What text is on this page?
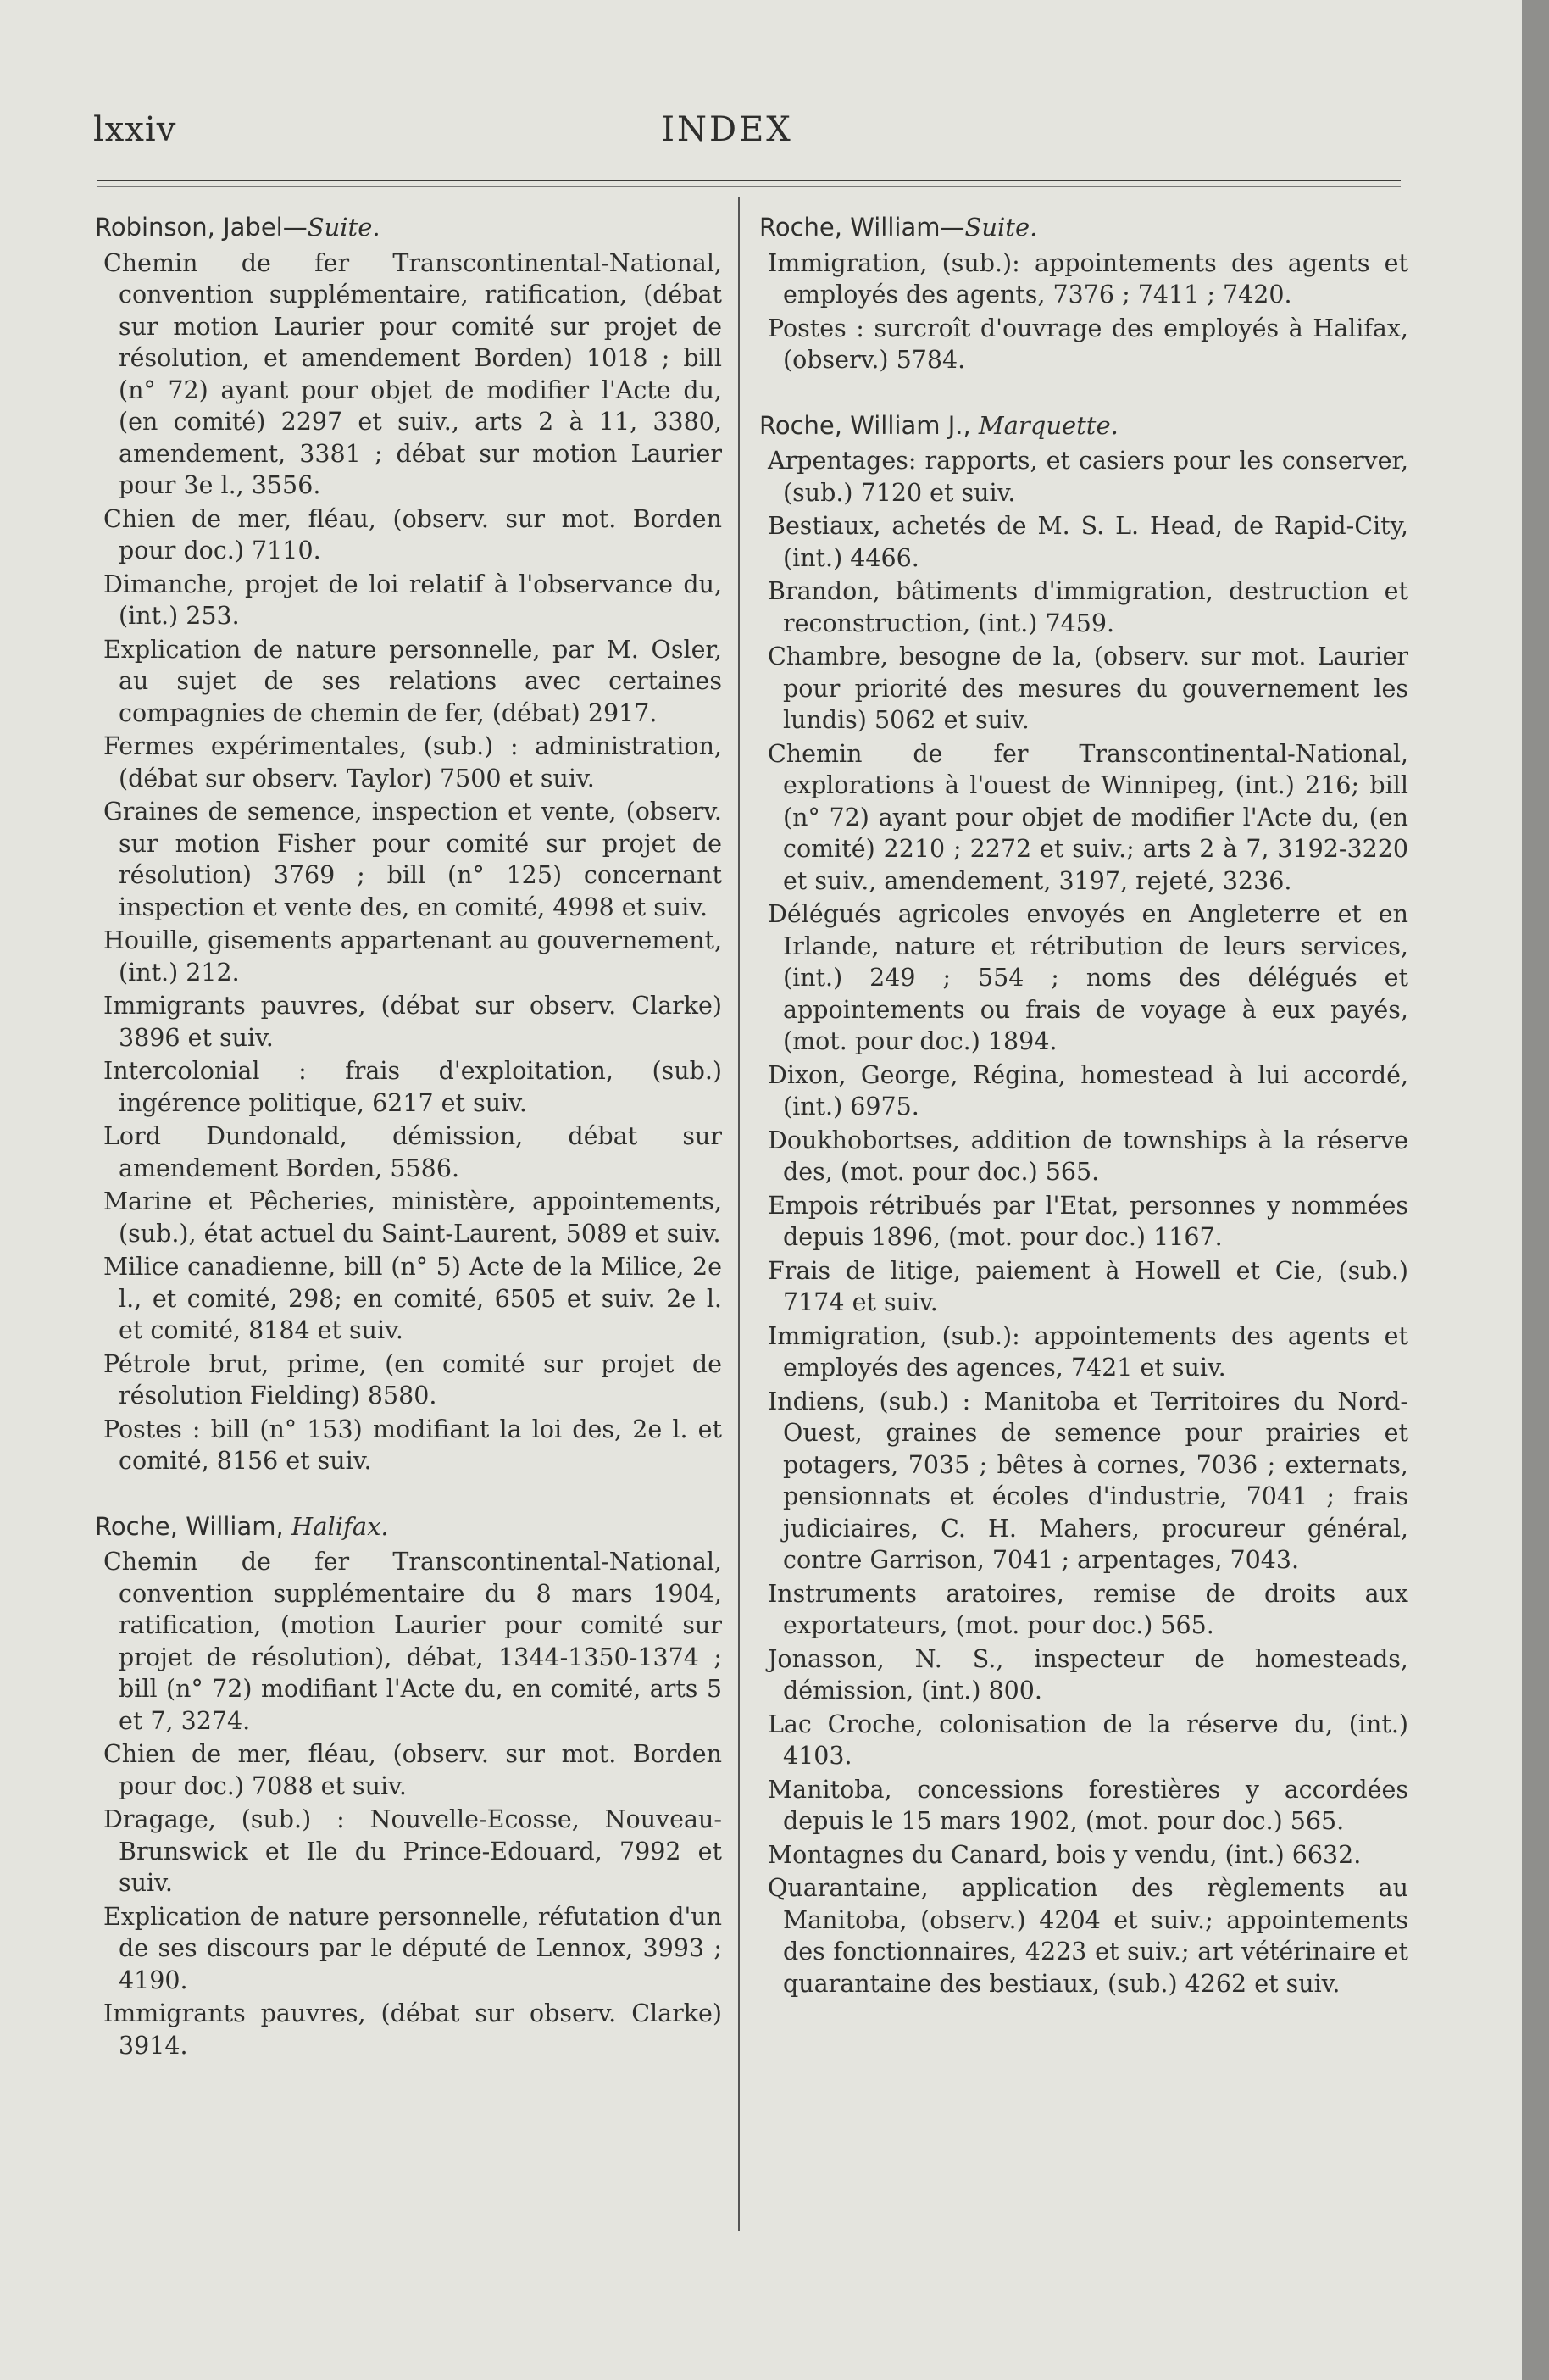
lxxiv	INDEX
Robinson, Jabel—Suite.
Chemin de fer Transcontinental-National, convention supplémentaire, ratification, (débat sur motion Laurier pour comité sur projet de résolution, et amendement Borden) 1018 ; bill (n° 72) ayant pour objet de modifier l'Acte du, (en comité) 2297 et suiv., arts 2 à 11, 3380, amendement, 3381 ; débat sur motion Laurier pour 3e l., 3556.
Chien de mer, fléau, (observ. sur mot. Borden pour doc.) 7110.
Dimanche, projet de loi relatif à l'observance du, (int.) 253.
Explication de nature personnelle, par M. Osler, au sujet de ses relations avec certaines compagnies de chemin de fer, (débat) 2917.
Fermes expérimentales, (sub.) : administration, (débat sur observ. Taylor) 7500 et suiv.
Graines de semence, inspection et vente, (observ. sur motion Fisher pour comité sur projet de résolution) 3769 ; bill (n° 125) concernant inspection et vente des, en comité, 4998 et suiv.
Houille, gisements appartenant au gouvernement, (int.) 212.
Immigrants pauvres, (débat sur observ. Clarke) 3896 et suiv.
Intercolonial : frais d'exploitation, (sub.) ingérence politique, 6217 et suiv.
Lord Dundonald, démission, débat sur amendement Borden, 5586.
Marine et Pêcheries, ministère, appointements, (sub.), état actuel du Saint-Laurent, 5089 et suiv.
Milice canadienne, bill (n° 5) Acte de la Milice, 2e l., et comité, 298; en comité, 6505 et suiv. 2e l. et comité, 8184 et suiv.
Pétrole brut, prime, (en comité sur projet de résolution Fielding) 8580.
Postes : bill (n° 153) modifiant la loi des, 2e l. et comité, 8156 et suiv.
Roche, William, Halifax.
Chemin de fer Transcontinental-National, convention supplémentaire du 8 mars 1904, ratification, (motion Laurier pour comité sur projet de résolution), débat, 1344-1350-1374 ; bill (n° 72) modifiant l'Acte du, en comité, arts 5 et 7, 3274.
Chien de mer, fléau, (observ. sur mot. Borden pour doc.) 7088 et suiv.
Dragage, (sub.) : Nouvelle-Ecosse, Nouveau-Brunswick et Ile du Prince-Edouard, 7992 et suiv.
Explication de nature personnelle, réfutation d'un de ses discours par le député de Lennox, 3993 ; 4190.
Immigrants pauvres, (débat sur observ. Clarke) 3914.
Roche, William—Suite.
Immigration, (sub.): appointements des agents et employés des agents, 7376 ; 7411 ; 7420.
Postes : surcroît d'ouvrage des employés à Halifax, (observ.) 5784.
Roche, William J., Marquette.
Arpentages: rapports, et casiers pour les conserver, (sub.) 7120 et suiv.
Bestiaux, achetés de M. S. L. Head, de Rapid-City, (int.) 4466.
Brandon, bâtiments d'immigration, destruction et reconstruction, (int.) 7459.
Chambre, besogne de la, (observ. sur mot. Laurier pour priorité des mesures du gouvernement les lundis) 5062 et suiv.
Chemin de fer Transcontinental-National, explorations à l'ouest de Winnipeg, (int.) 216; bill (n° 72) ayant pour objet de modifier l'Acte du, (en comité) 2210 ; 2272 et suiv.; arts 2 à 7, 3192-3220 et suiv., amendement, 3197, rejeté, 3236.
Délégués agricoles envoyés en Angleterre et en Irlande, nature et rétribution de leurs services, (int.) 249 ; 554 ; noms des délégués et appointements ou frais de voyage à eux payés, (mot. pour doc.) 1894.
Dixon, George, Régina, homestead à lui accordé, (int.) 6975.
Doukhobortses, addition de townships à la réserve des, (mot. pour doc.) 565.
Empois rétribués par l'Etat, personnes y nommées depuis 1896, (mot. pour doc.) 1167.
Frais de litige, paiement à Howell et Cie, (sub.) 7174 et suiv.
Immigration, (sub.): appointements des agents et employés des agences, 7421 et suiv.
Indiens, (sub.) : Manitoba et Territoires du Nord-Ouest, graines de semence pour prairies et potagers, 7035 ; bêtes à cornes, 7036 ; externats, pensionnats et écoles d'industrie, 7041 ; frais judiciaires, C. H. Mahers, procureur général, contre Garrison, 7041 ; arpentages, 7043.
Instruments aratoires, remise de droits aux exportateurs, (mot. pour doc.) 565.
Jonasson, N. S., inspecteur de homesteads, démission, (int.) 800.
Lac Croche, colonisation de la réserve du, (int.) 4103.
Manitoba, concessions forestières y accordées depuis le 15 mars 1902, (mot. pour doc.) 565.
Montagnes du Canard, bois y vendu, (int.) 6632.
Quarantaine, application des règlements au Manitoba, (observ.) 4204 et suiv.; appointements des fonctionnaires, 4223 et suiv.; art vétérinaire et quarantaine des bestiaux, (sub.) 4262 et suiv.
